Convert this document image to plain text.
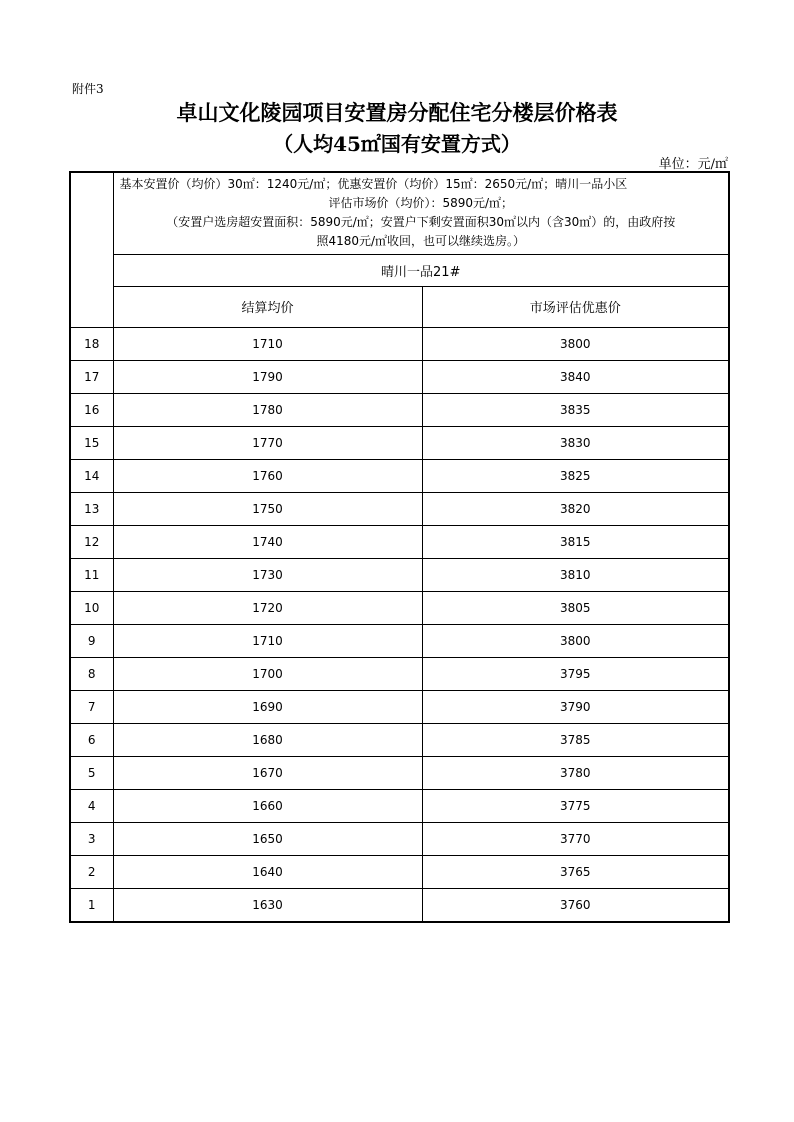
附件3
卓山文化陵园项目安置房分配住宅分楼层价格表
（人均45㎡国有安置方式）
单位：元/㎡

	基本安置价（均价）30㎡：1240元/㎡；优惠安置价（均价）15㎡：2650元/㎡；晴川一品小区
评估市场价（均价）：5890元/㎡；
（安置户选房超安置面积：5890元/㎡；安置户下剩安置面积30㎡以内（含30㎡）的，由政府按
照4180元/㎡收回，也可以继续选房。）	

	晴川一品21#	
	结算均价	市场评估优惠价
18	1710	3800
17	1790	3840
16	1780	3835
15	1770	3830
14	1760	3825
13	1750	3820
12	1740	3815
11	1730	3810
10	1720	3805
9	1710	3800
8	1700	3795
7	1690	3790
6	1680	3785
5	1670	3780
4	1660	3775
3	1650	3770
2	1640	3765
1	1630	3760
